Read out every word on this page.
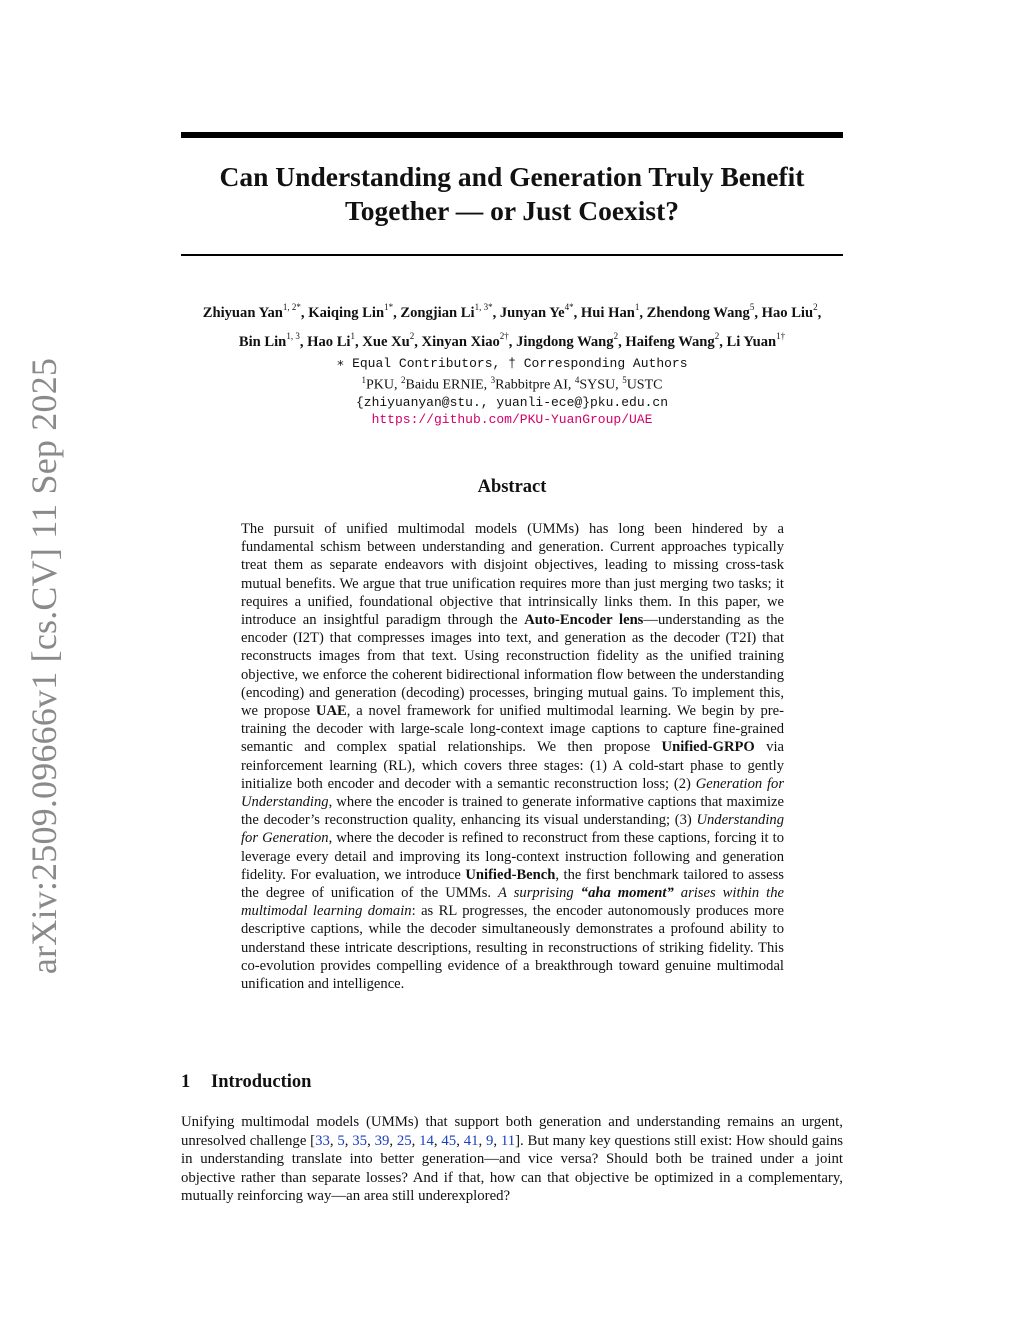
arXiv:2509.09666v1 [cs.CV] 11 Sep 2025
Can Understanding and Generation Truly Benefit
Together — or Just Coexist?
Zhiyuan Yan$^{1, 2*}$, Kaiqing Lin$^{1*}$, Zongjian $Li^{1, 3*}$, Junyan $Ye^{4*}$, Hui Han$^1$, Zhendong Wang$^5$, Hao Liu$^2$,
Bin Lin$^{1, 3}$, Hao Li$^1$, Xue Xu$^2$, Xinyan Xiao$^{2\dagger}$, Jingdong Wang$^2$, Haifeng Wang$^2$, Li Yuan$^{1\dagger}$
∗ Equal Contributors, † Corresponding Authors
$^1$PKU, $^2$Baidu ERNIE, $^3$Rabbitpre AI, $^4$SYSU, $^5$USTC
{zhiyuanyan@stu., yuanli-ece@}pku.edu.cn
https://github.com/PKU-YuanGroup/UAE
Abstract

The pursuit of unified multimodal models (UMMs) has long been hindered by a fundamental schism between understanding and generation. Current approaches typically treat them as separate endeavors with disjoint objectives, leading to missing cross-task mutual benefits. We argue that true unification requires more than just merging two tasks; it requires a unified, foundational objective that intrinsically links them. In this paper, we introduce an insightful paradigm through the Auto-Encoder lens—understanding as the encoder (I2T) that compresses images into text, and generation as the decoder (T2I) that reconstructs images from that text. Using reconstruction fidelity as the unified training objective, we enforce the coherent bidirectional information flow between the understanding (encoding) and generation (decoding) processes, bringing mutual gains. To implement this, we propose UAE, a novel framework for unified multimodal learning. We begin by pre-training the decoder with large-scale long-context image captions to capture fine-grained semantic and complex spatial relationships. We then propose Unified-GRPO via reinforcement learning (RL), which covers three stages: (1) A cold-start phase to gently initialize both encoder and decoder with a semantic reconstruction loss; (2) Generation for Understanding, where the encoder is trained to generate informative captions that maximize the decoder’s reconstruction quality, enhancing its visual understanding; (3) Understanding for Generation, where the decoder is refined to reconstruct from these captions, forcing it to leverage every detail and improving its long-context instruction following and generation fidelity. For evaluation, we introduce Unified-Bench, the first benchmark tailored to assess the degree of unification of the UMMs. A surprising “aha moment” arises within the multimodal learning domain: as RL progresses, the encoder autonomously produces more descriptive captions, while the decoder simultaneously demonstrates a profound ability to understand these intricate descriptions, resulting in reconstructions of striking fidelity. This co-evolution provides compelling evidence of a breakthrough toward genuine multimodal unification and intelligence.

1 Introduction

Unifying multimodal models (UMMs) that support both generation and understanding remains an urgent, unresolved challenge [33, 5, 35, 39, 25, 14, 45, 41, 9, 11]. But many key questions still exist: How should gains in understanding translate into better generation—and vice versa? Should both be trained under a joint objective rather than separate losses? And if that, how can that objective be optimized in a complementary, mutually reinforcing way—an area still underexplored?
